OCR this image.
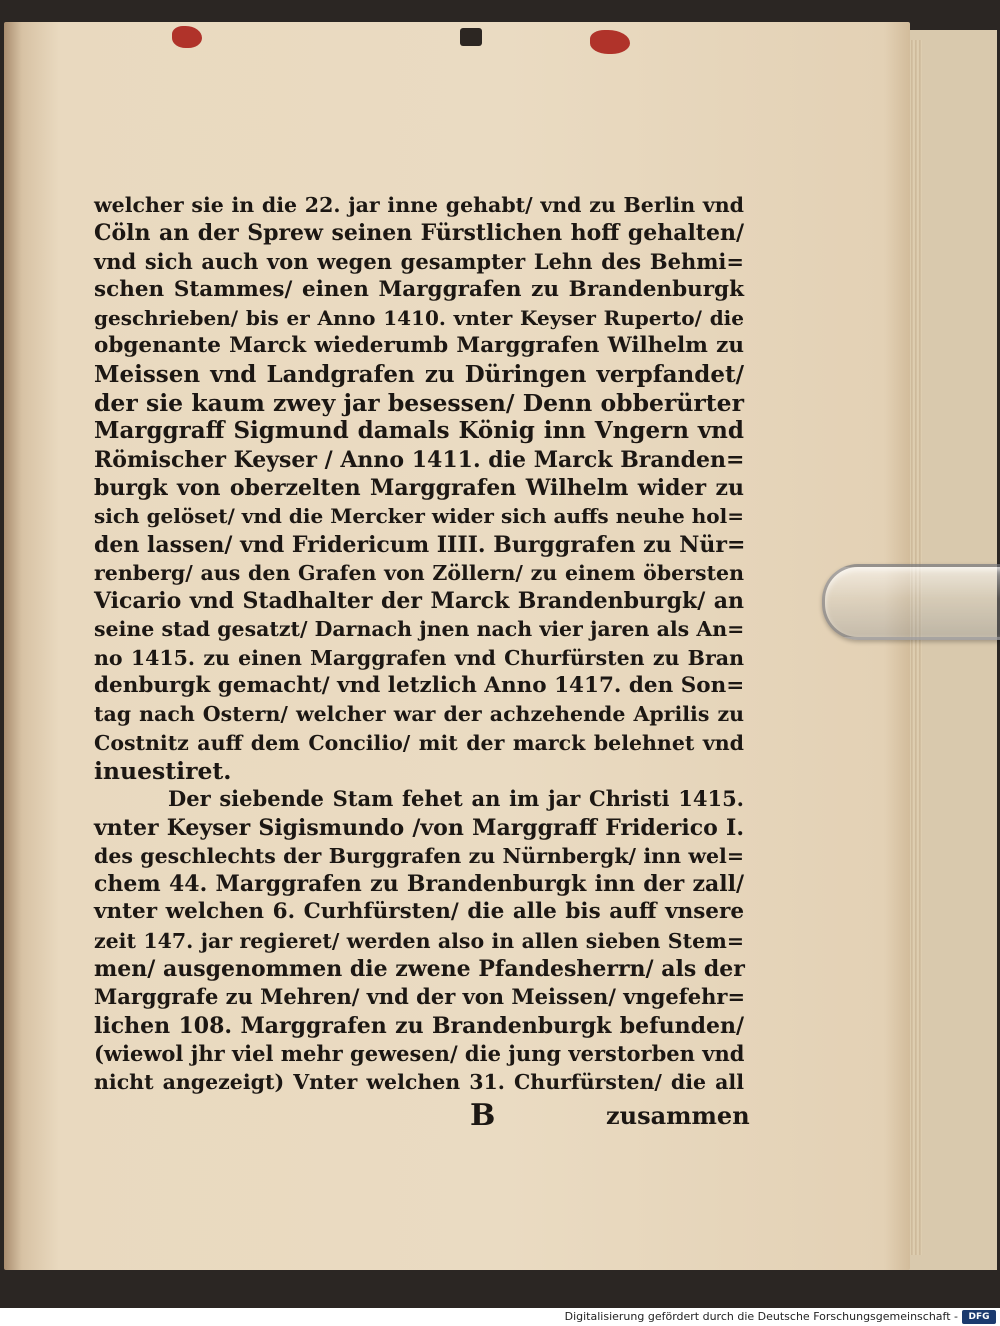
welcher sie in die 22. jar inne gehabt/ vnd zu Berlin vnd
Cöln an der Sprew seinen Fürstlichen hoff gehalten/
vnd sich auch von wegen gesampter Lehn des Behmi=
schen Stammes/ einen Marggrafen zu Brandenburgk
geschrieben/ bis er Anno 1410. vnter Keyser Ruperto/ die
obgenante Marck wiederumb Marggrafen Wilhelm zu
Meissen vnd Landgrafen zu Düringen verpfandet/
der sie kaum zwey jar besessen/ Denn obberürter
Marggraff Sigmund damals König inn Vngern vnd
Römischer Keyser / Anno 1411. die Marck Branden=
burgk von oberzelten Marggrafen Wilhelm wider zu
sich gelöset/ vnd die Mercker wider sich auffs neuhe hol=
den lassen/ vnd Fridericum IIII. Burggrafen zu Nür=
renberg/ aus den Grafen von Zöllern/ zu einem öbersten
Vicario vnd Stadhalter der Marck Brandenburgk/ an
seine stad gesatzt/ Darnach jnen nach vier jaren als An=
no 1415. zu einen Marggrafen vnd Churfürsten zu Bran
denburgk gemacht/ vnd letzlich Anno 1417. den Son=
tag nach Ostern/ welcher war der achzehende Aprilis zu
Costnitz auff dem Concilio/ mit der marck belehnet vnd
inuestiret.
Der siebende Stam fehet an im jar Christi 1415.
vnter Keyser Sigismundo /von Marggraff Friderico I.
des geschlechts der Burggrafen zu Nürnbergk/ inn wel=
chem 44. Marggrafen zu Brandenburgk inn der zall/
vnter welchen 6. Curhfürsten/ die alle bis auff vnsere
zeit 147. jar regieret/ werden also in allen sieben Stem=
men/ ausgenommen die zwene Pfandesherrn/ als der
Marggrafe zu Mehren/ vnd der von Meissen/ vngefehr=
lichen 108. Marggrafen zu Brandenburgk befunden/
(wiewol jhr viel mehr gewesen/ die jung verstorben vnd
nicht angezeigt) Vnter welchen 31. Churfürsten/ die all
B	zusammen
Digitalisierung gefördert durch die Deutsche Forschungsgemeinschaft -	DFG
